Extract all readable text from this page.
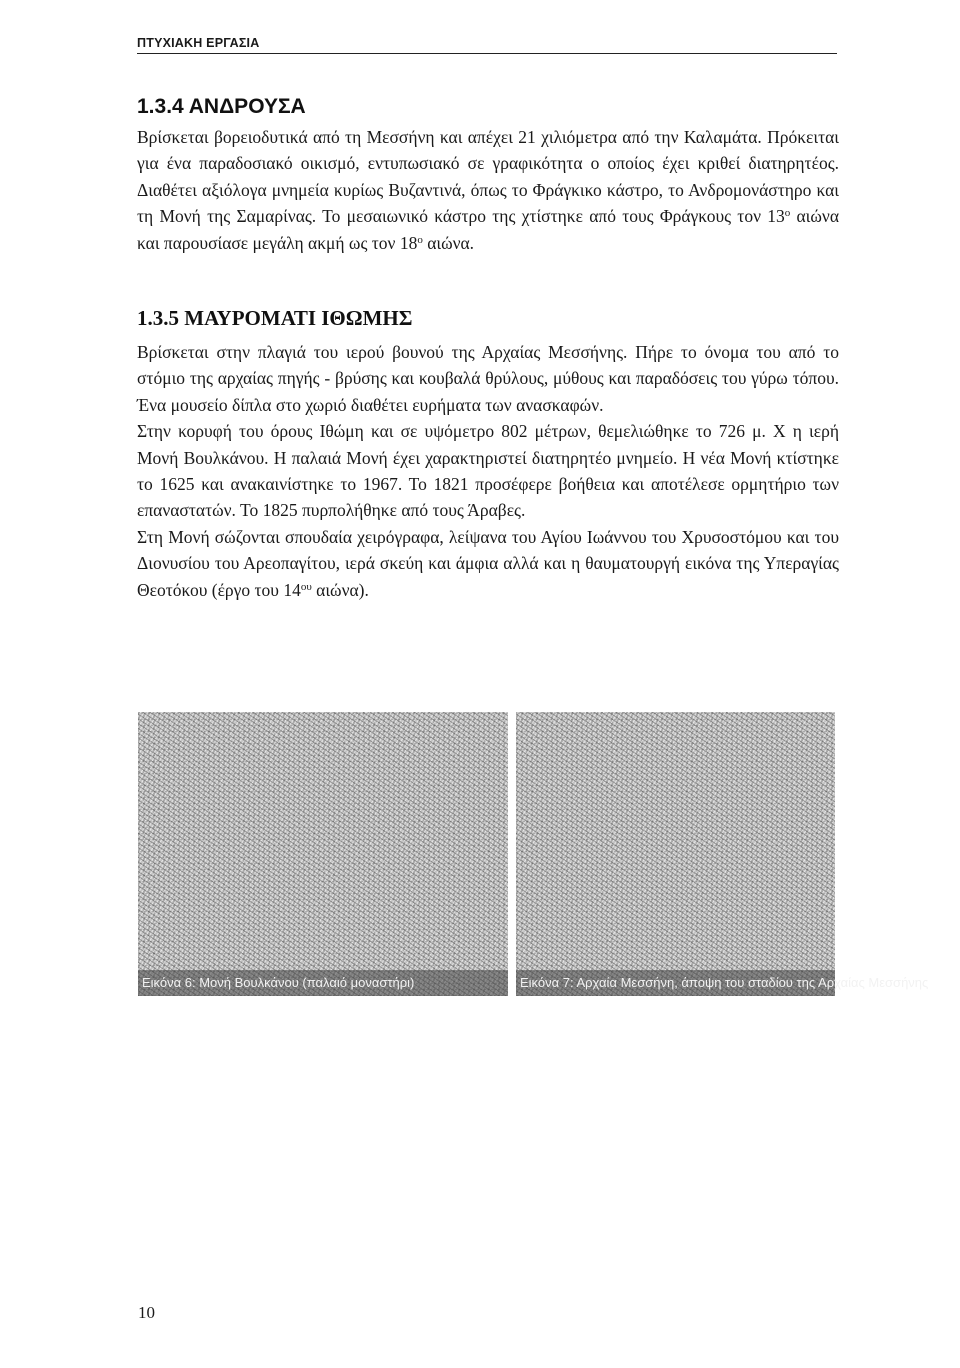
ΠΤΥΧΙΑΚΗ ΕΡΓΑΣΙΑ
1.3.4 ΑΝΔΡΟΥΣΑ

Βρίσκεται βορειοδυτικά από τη Μεσσήνη και απέχει 21 χιλιόμετρα από την Καλαμάτα. Πρόκειται για ένα παραδοσιακό οικισμό, εντυπωσιακό σε γραφικότητα ο οποίος έχει κριθεί διατηρητέος. Διαθέτει αξιόλογα μνημεία κυρίως Βυζαντινά, όπως το Φράγκικο κάστρο, το Ανδρομονάστηρο και τη Μονή της Σαμαρίνας. Το μεσαιωνικό κάστρο της χτίστηκε από τους Φράγκους τον $13^o$ αιώνα και παρουσίασε μεγάλη ακμή ως τον $18^o$ αιώνα.

1.3.5 ΜΑΥΡΟΜΑΤΙ ΙΘΩΜΗΣ

Βρίσκεται στην πλαγιά του ιερού βουνού της Αρχαίας Μεσσήνης. Πήρε το όνομα του από το στόμιο της αρχαίας πηγής - βρύσης και κουβαλά θρύλους, μύθους και παραδόσεις του γύρω τόπου. Ένα μουσείο δίπλα στο χωριό διαθέτει ευρήματα των ανασκαφών.

Στην κορυφή του όρους Ιθώμη και σε υψόμετρο 802 μέτρων, θεμελιώθηκε το 726 μ. Χ η ιερή Μονή Βουλκάνου. Η παλαιά Μονή έχει χαρακτηριστεί διατηρητέο μνημείο. Η νέα Μονή κτίστηκε το 1625 και ανακαινίστηκε το 1967. Το 1821 προσέφερε βοήθεια και αποτέλεσε ορμητήριο των επαναστατών. Το 1825 πυρπολήθηκε από τους Άραβες.

Στη Μονή σώζονται σπουδαία χειρόγραφα, λείψανα του Αγίου Ιωάννου του Χρυσοστόμου και του Διονυσίου του Αρεοπαγίτου, ιερά σκεύη και άμφια αλλά και η θαυματουργή εικόνα της Υπεραγίας Θεοτόκου (έργο του $14^{o\upsilon}$ αιώνα).

Εικόνα 6: Μονή Βουλκάνου (παλαιό μοναστήρι)	Εικόνα 7: Αρχαία Μεσσήνη, άποψη του σταδίου της Αρχαίας Μεσσήνης
10
